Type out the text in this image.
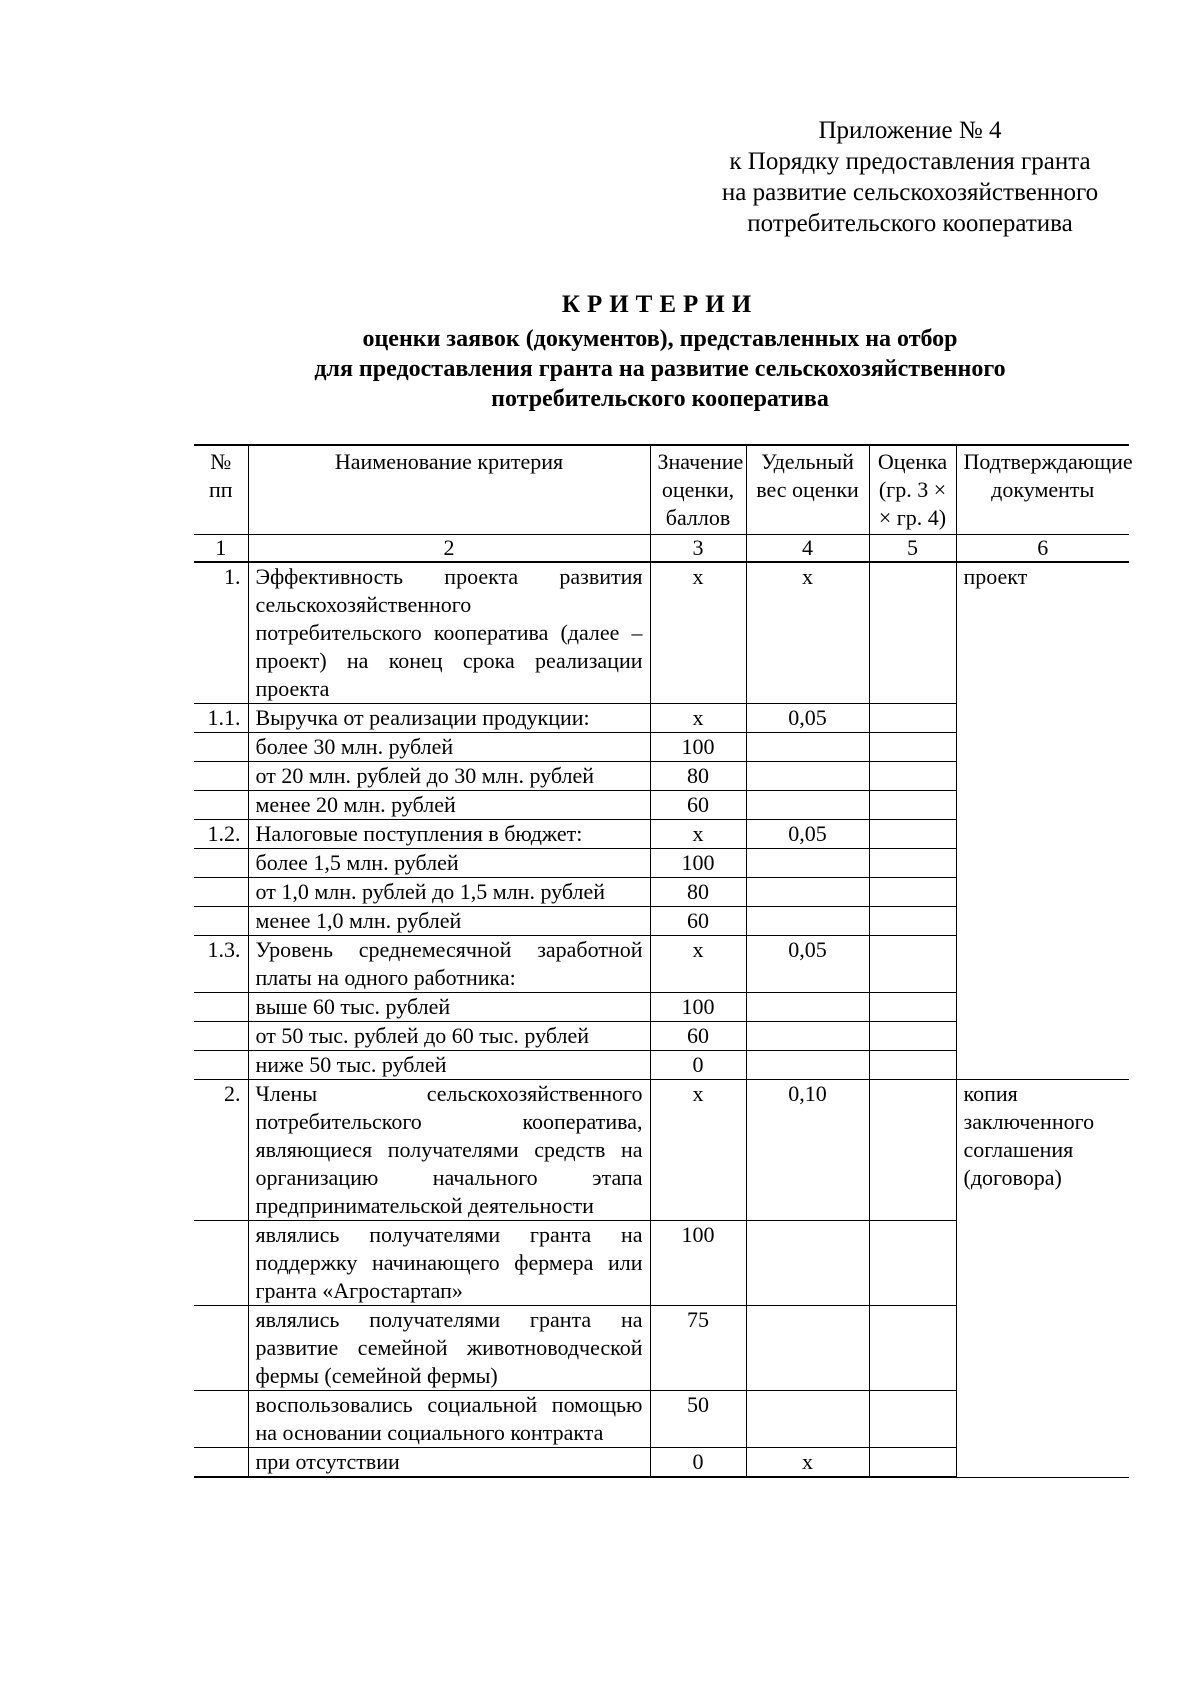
Приложение № 4
к Порядку предоставления гранта
на развитие сельскохозяйственного
потребительского кооператива
КРИТЕРИИ
оценки заявок (документов), представленных на отбор
для предоставления гранта на развитие сельскохозяйственного
потребительского кооператива
№ пп	Наименование критерия	Значение оценки, баллов	Удельный вес оценки	Оценка (гр. 3 × × гр. 4)	Подтверждающие документы
1	2	3	4	5	6
1.	Эффективность проекта развития сельскохозяйственного потребительского кооператива (далее – проект) на конец срока реализации проекта	х	х		проект
1.1.	Выручка от реализации продукции:	х	0,05		
	более 30 млн. рублей	100			
	от 20 млн. рублей до 30 млн. рублей	80			
	менее 20 млн. рублей	60			
1.2.	Налоговые поступления в бюджет:	х	0,05		
	более 1,5 млн. рублей	100			
	от 1,0 млн. рублей до 1,5 млн. рублей	80			
	менее 1,0 млн. рублей	60			
1.3.	Уровень среднемесячной заработной платы на одного работника:	х	0,05		
	выше 60 тыс. рублей	100			
	от 50 тыс. рублей до 60 тыс. рублей	60			
	ниже 50 тыс. рублей	0			
2.	Члены сельскохозяйственного потребительского кооператива, являющиеся получателями средств на организацию начального этапа предпринимательской деятельности	х	0,10		копия заключенного соглашения (договора)
	являлись получателями гранта на поддержку начинающего фермера или гранта «Агростартап»	100			
	являлись получателями гранта на развитие семейной животноводческой фермы (семейной фермы)	75			
	воспользовались социальной помощью на основании социального контракта	50			
	при отсутствии	0	х		
